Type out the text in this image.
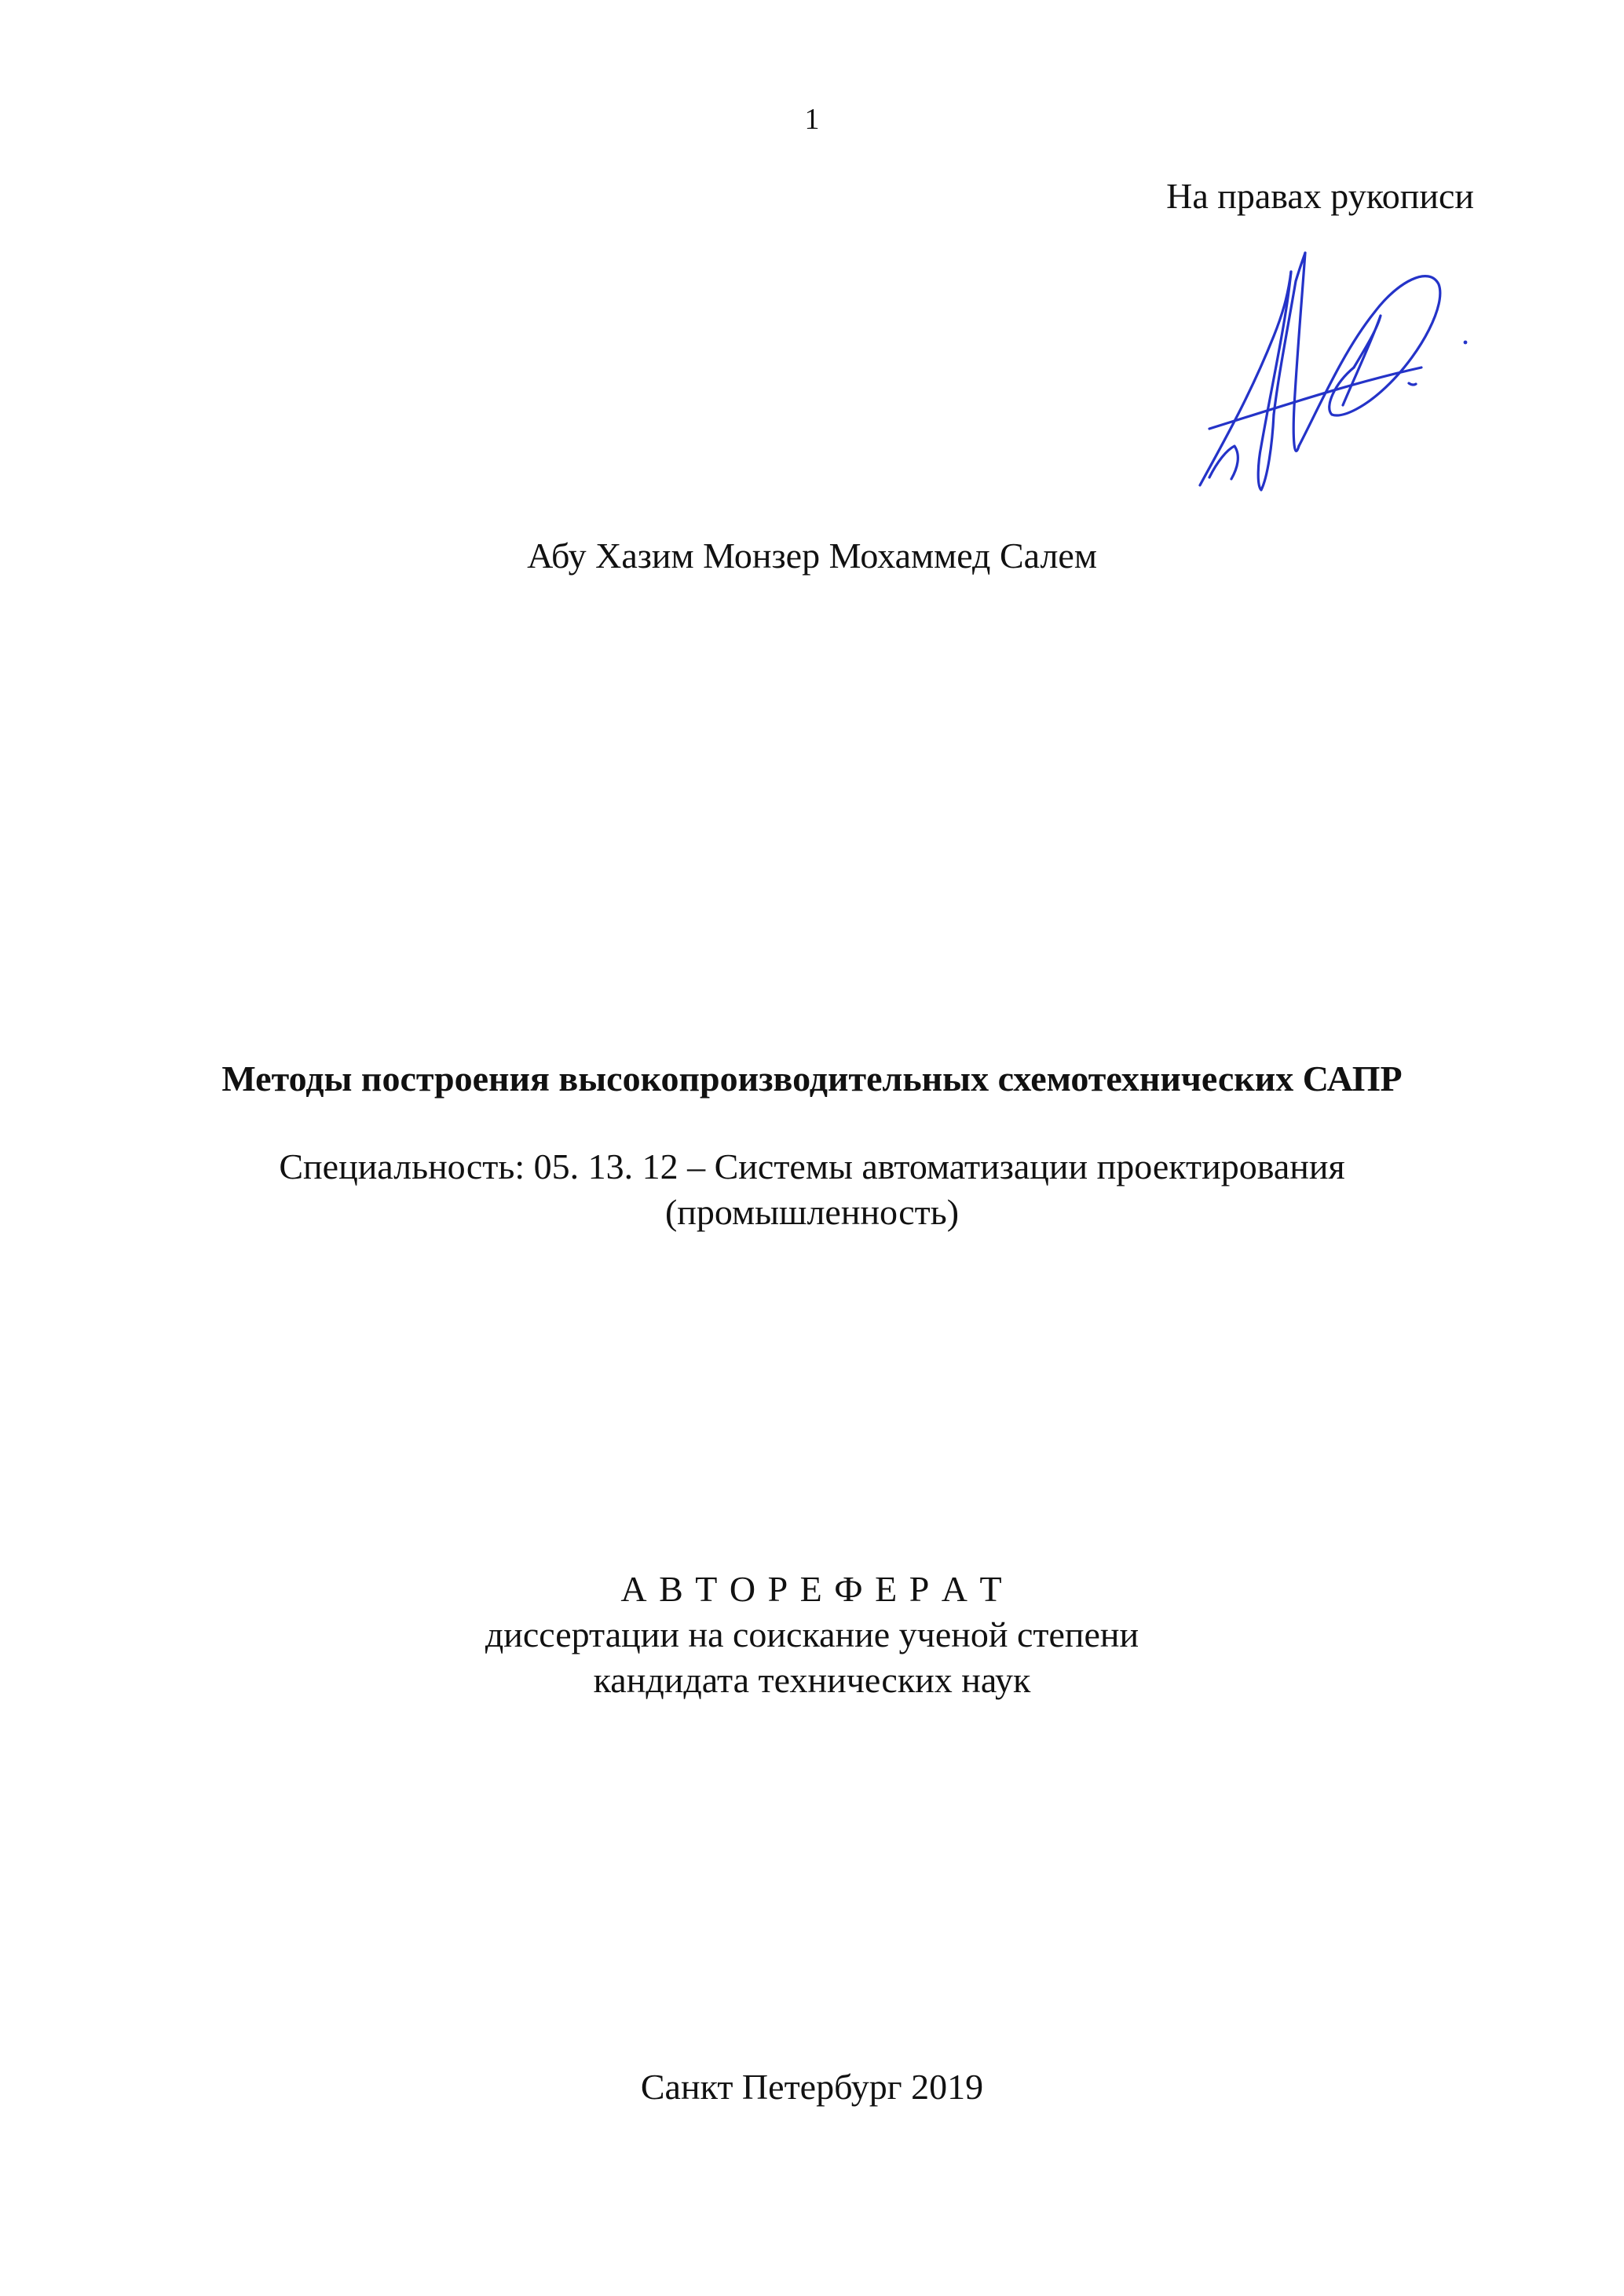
1
На правах рукописи
Абу Хазим Монзер Мохаммед Салем
Методы построения высокопроизводительных схемотехнических САПР
Специальность: 05. 13. 12 – Системы автоматизации проектирования
(промышленность)
А В Т О Р Е Ф Е Р А Т
диссертации на соискание ученой степени
кандидата технических наук
Санкт Петербург 2019
